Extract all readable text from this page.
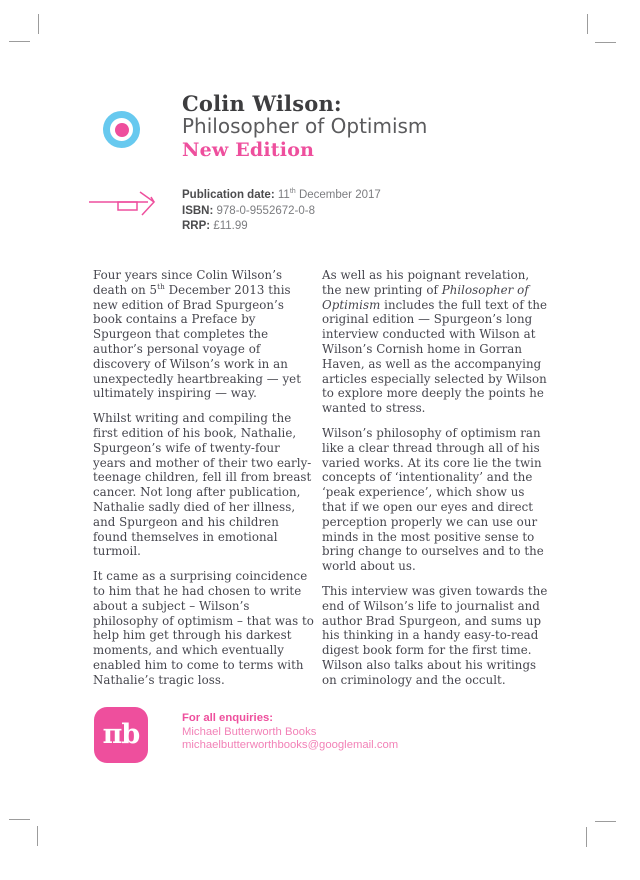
Colin Wilson:
Philosopher of Optimism
New Edition
Publication date: 11th December 2017
ISBN: 978-0-9552672-0-8
RRP: £11.99

Four years since Colin Wilson’s death on 5th December 2013 this new edition of Brad Spurgeon’s book contains a Preface by Spurgeon that completes the author’s personal voyage of discovery of Wilson’s work in an unexpectedly heartbreaking — yet ultimately inspiring — way.

Whilst writing and compiling the first edition of his book, Nathalie, Spurgeon’s wife of twenty-four years and mother of their two early-teenage children, fell ill from breast cancer. Not long after publication, Nathalie sadly died of her illness, and Spurgeon and his children found themselves in emotional turmoil.

It came as a surprising coincidence to him that he had chosen to write about a subject – Wilson’s philosophy of optimism – that was to help him get through his darkest moments, and which eventually enabled him to come to terms with Nathalie’s tragic loss.

As well as his poignant revelation, the new printing of Philosopher of Optimism includes the full text of the original edition — Spurgeon’s long interview conducted with Wilson at Wilson’s Cornish home in Gorran Haven, as well as the accompanying articles especially selected by Wilson to explore more deeply the points he wanted to stress.

Wilson’s philosophy of optimism ran like a clear thread through all of his varied works. At its core lie the twin concepts of ‘intentionality’ and the ‘peak experience’, which show us that if we open our eyes and direct perception properly we can use our minds in the most positive sense to bring change to ourselves and to the world about us.

This interview was given towards the end of Wilson’s life to journalist and author Brad Spurgeon, and sums up his thinking in a handy easy-to-read digest book form for the first time. Wilson also talks about his writings on criminology and the occult.

πb
For all enquiries:
Michael Butterworth Books
michaelbutterworthbooks@googlemail.com
